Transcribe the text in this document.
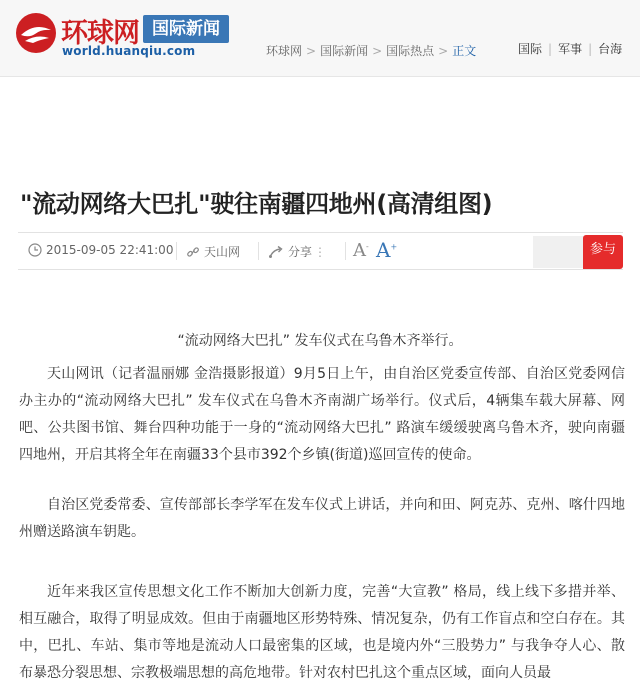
环球网 国际新闻
world.huanqiu.com	环球网 > 国际新闻 > 国际热点 > 正文	国际 | 军事 | 台海
"流动网络大巴扎"驶往南疆四地州(高清组图)
2015-09-05 22:41:00	天山网	分享 ⋮ A- A+	参与
“流动网络大巴扎” 发车仪式在乌鲁木齐举行。

天山网讯（记者温丽娜 金浩摄影报道）9月5日上午，由自治区党委宣传部、自治区党委网信办主办的“流动网络大巴扎” 发车仪式在乌鲁木齐南湖广场举行。仪式后，4辆集车载大屏幕、网吧、公共图书馆、舞台四种功能于一身的“流动网络大巴扎” 路演车缓缓驶离乌鲁木齐，驶向南疆四地州，开启其将全年在南疆33个县市392个乡镇(街道)巡回宣传的使命。

自治区党委常委、宣传部部长李学军在发车仪式上讲话，并向和田、阿克苏、克州、喀什四地州赠送路演车钥匙。

近年来我区宣传思想文化工作不断加大创新力度，完善“大宣教” 格局，线上线下多措并举、相互融合，取得了明显成效。但由于南疆地区形势特殊、情况复杂，仍有工作盲点和空白存在。其中，巴扎、车站、集市等地是流动人口最密集的区域，也是境内外“三股势力” 与我争夺人心、散布暴恐分裂思想、宗教极端思想的高危地带。针对农村巴扎这个重点区域，面向人员最
